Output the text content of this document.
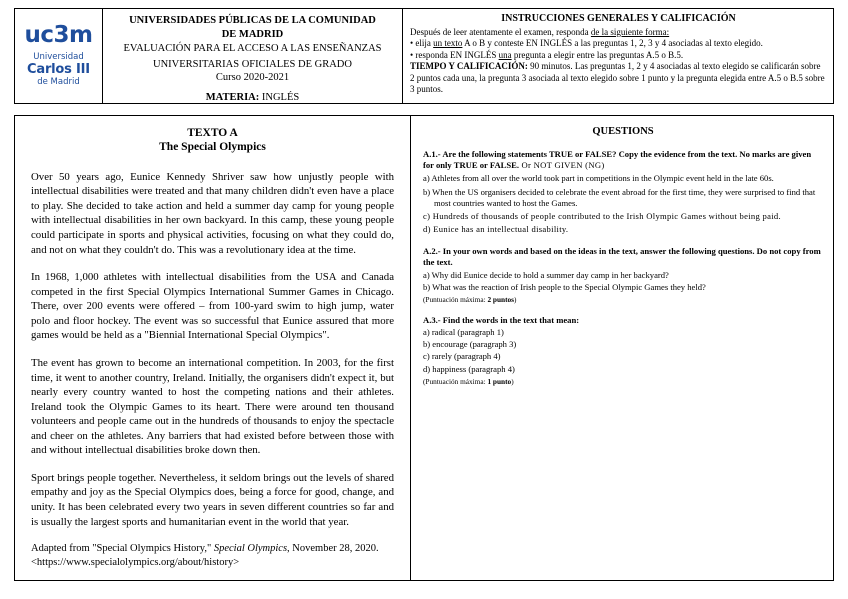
uc3m
Universidad
Carlos III
de Madrid
UNIVERSIDADES PÚBLICAS DE LA COMUNIDAD
DE MADRID
EVALUACIÓN PARA EL ACCESO A LAS ENSEÑANZAS
UNIVERSITARIAS OFICIALES DE GRADO
Curso 2020-2021
MATERIA: INGLÉS
INSTRUCCIONES GENERALES Y CALIFICACIÓN
Después de leer atentamente el examen, responda de la siguiente forma:
• elija un texto A o B y conteste EN INGLÉS a las preguntas 1, 2, 3 y 4 asociadas al texto elegido.
• responda EN INGLÉS una pregunta a elegir entre las preguntas A.5 o B.5.
TIEMPO Y CALIFICACIÓN: 90 minutos. Las preguntas 1, 2 y 4 asociadas al texto elegido se calificarán sobre 2 puntos cada una, la pregunta 3 asociada al texto elegido sobre 1 punto y la pregunta elegida entre A.5 o B.5 sobre 3 puntos.
TEXTO A
The Special Olympics

Over 50 years ago, Eunice Kennedy Shriver saw how unjustly people with intellectual disabilities were treated and that many children didn't even have a place to play. She decided to take action and held a summer day camp for young people with intellectual disabilities in her own backyard. In this camp, these young people could participate in sports and physical activities, focusing on what they could do, and not on what they couldn't do. This was a revolutionary idea at the time.

In 1968, 1,000 athletes with intellectual disabilities from the USA and Canada competed in the first Special Olympics International Summer Games in Chicago. There, over 200 events were offered – from 100-yard swim to high jump, water polo and floor hockey. The event was so successful that Eunice assured that more games would be held as a "Biennial International Special Olympics".

The event has grown to become an international competition. In 2003, for the first time, it went to another country, Ireland. Initially, the organisers didn't expect it, but nearly every country wanted to host the competing nations and their athletes. Ireland took the Olympic Games to its heart. There were around ten thousand volunteers and people came out in the hundreds of thousands to enjoy the spectacle and cheer on the athletes. Any barriers that had existed before between those with and without intellectual disabilities broke down then.

Sport brings people together. Nevertheless, it seldom brings out the levels of shared empathy and joy as the Special Olympics does, being a force for good, change, and unity. It has been celebrated every two years in seven different countries so far and is usually the largest sports and humanitarian event in the world that year.

Adapted from "Special Olympics History," Special Olympics, November 28, 2020. <https://www.specialolympics.org/about/history>
QUESTIONS
A.1.- Are the following statements TRUE or FALSE? Copy the evidence from the text. No marks are given for only TRUE or FALSE. Or NOT GIVEN (NG)
a) Athletes from all over the world took part in competitions in the Olympic event held in the late 60s.
b) When the US organisers decided to celebrate the event abroad for the first time, they were surprised to find that most countries wanted to host the Games.
c) Hundreds of thousands of people contributed to the Irish Olympic Games without being paid.
d) Eunice has an intellectual disability.
A.2.- In your own words and based on the ideas in the text, answer the following questions. Do not copy from the text.
a) Why did Eunice decide to hold a summer day camp in her backyard?
b) What was the reaction of Irish people to the Special Olympic Games they held?
(Puntuación máxima: 2 puntos)
A.3.- Find the words in the text that mean:
a) radical (paragraph 1)
b) encourage (paragraph 3)
c) rarely (paragraph 4)
d) happiness (paragraph 4)
(Puntuación máxima: 1 punto)
